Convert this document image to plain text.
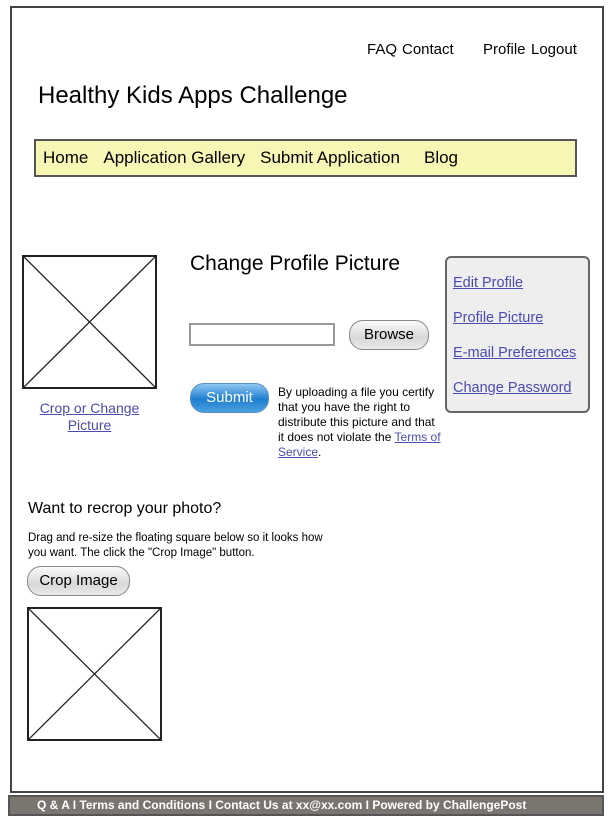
FAQ Contact Profile Logout
Healthy Kids Apps Challenge
Home Application Gallery Submit Application Blog
Crop or Change Picture
Change Profile Picture
Browse
Submit	By uploading a file you certify that you have the right to distribute this picture and that it does not violate the Terms of Service.
Edit Profile
Profile Picture
E-mail Preferences
Change Password
Want to recrop your photo?
Drag and re-size the floating square below so it looks how you want. The click the "Crop Image" button.
Crop Image
Q & A I Terms and Conditions I Contact Us at xx@xx.com I Powered by ChallengePost
